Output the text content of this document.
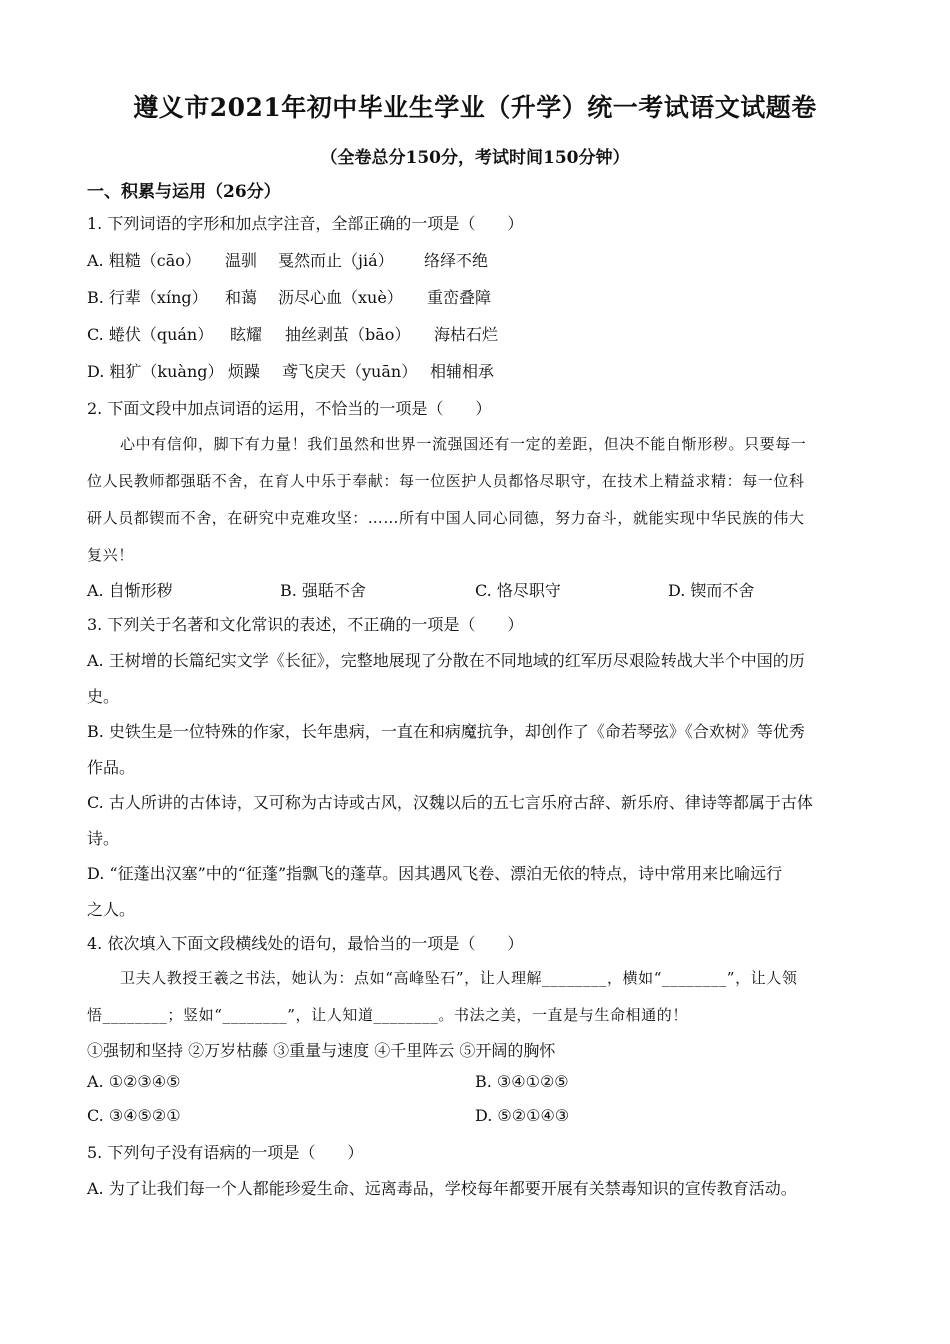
遵义市2021年初中毕业生学业（升学）统一考试语文试题卷
（全卷总分150分，考试时间150分钟）
一、积累与运用（26分）
1. 下列词语的字形和加点字注音，全部正确的一项是（　　）
A. 粗糙（cāo） 温驯 戛然而止（jiá） 络绎不绝
B. 行辈（xíng） 和蔼 沥尽心血（xuè） 重峦叠障
C. 蜷伏（quán） 眩耀 抽丝剥茧（bāo） 海枯石烂
D. 粗犷（kuàng） 烦躁 鸢飞戾天（yuān） 相辅相承
2. 下面文段中加点词语的运用，不恰当的一项是（　　）
心中有信仰，脚下有力量！我们虽然和世界一流强国还有一定的差距，但决不能自惭形秽。只要每一
位人民教师都强聒不舍，在育人中乐于奉献：每一位医护人员都恪尽职守，在技术上精益求精：每一位科
研人员都锲而不舍，在研究中克难攻坚：……所有中国人同心同德，努力奋斗，就能实现中华民族的伟大
复兴！
A. 自惭形秽	B. 强聒不舍	C. 恪尽职守	D. 锲而不舍
3. 下列关于名著和文化常识的表述，不正确的一项是（　　）
A. 王树增的长篇纪实文学《长征》，完整地展现了分散在不同地域的红军历尽艰险转战大半个中国的历
史。
B. 史铁生是一位特殊的作家，长年患病，一直在和病魔抗争，却创作了《命若琴弦》《合欢树》等优秀
作品。
C. 古人所讲的古体诗，又可称为古诗或古风，汉魏以后的五七言乐府古辞、新乐府、律诗等都属于古体
诗。
D. “征蓬出汉塞”中的“征蓬”指飘飞的蓬草。因其遇风飞卷、漂泊无依的特点，诗中常用来比喻远行
之人。
4. 依次填入下面文段横线处的语句，最恰当的一项是（　　）
卫夫人教授王羲之书法，她认为：点如“高峰坠石”，让人理解________，横如“________”，让人领
悟________；竖如“________”，让人知道________。书法之美，一直是与生命相通的！
①强韧和坚持 ②万岁枯藤 ③重量与速度 ④千里阵云 ⑤开阔的胸怀
A. ①②③④⑤	B. ③④①②⑤
C. ③④⑤②①	D. ⑤②①④③
5. 下列句子没有语病的一项是（　　）
A. 为了让我们每一个人都能珍爱生命、远离毒品，学校每年都要开展有关禁毒知识的宣传教育活动。
